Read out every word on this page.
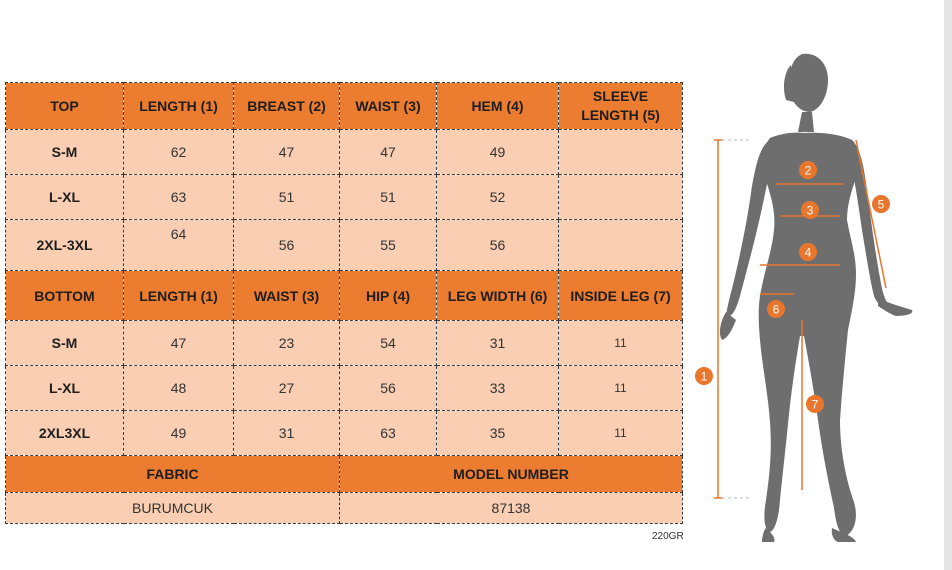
TOP	LENGTH (1)	BREAST (2)	WAIST (3)	HEM (4)	SLEEVE
LENGTH (5)
S-M	62	47	47	49	
L-XL	63	51	51	52	
2XL-3XL	64	56	55	56	
BOTTOM	LENGTH (1)	WAIST (3)	HIP (4)	LEG WIDTH (6)	INSIDE LEG (7)
S-M	47	23	54	31	11
L-XL	48	27	56	33	11
2XL3XL	49	31	63	35	11
FABRIC			MODEL NUMBER		
BURUMCUK			87138		
220GR
1
2
3
4
5
6
7
